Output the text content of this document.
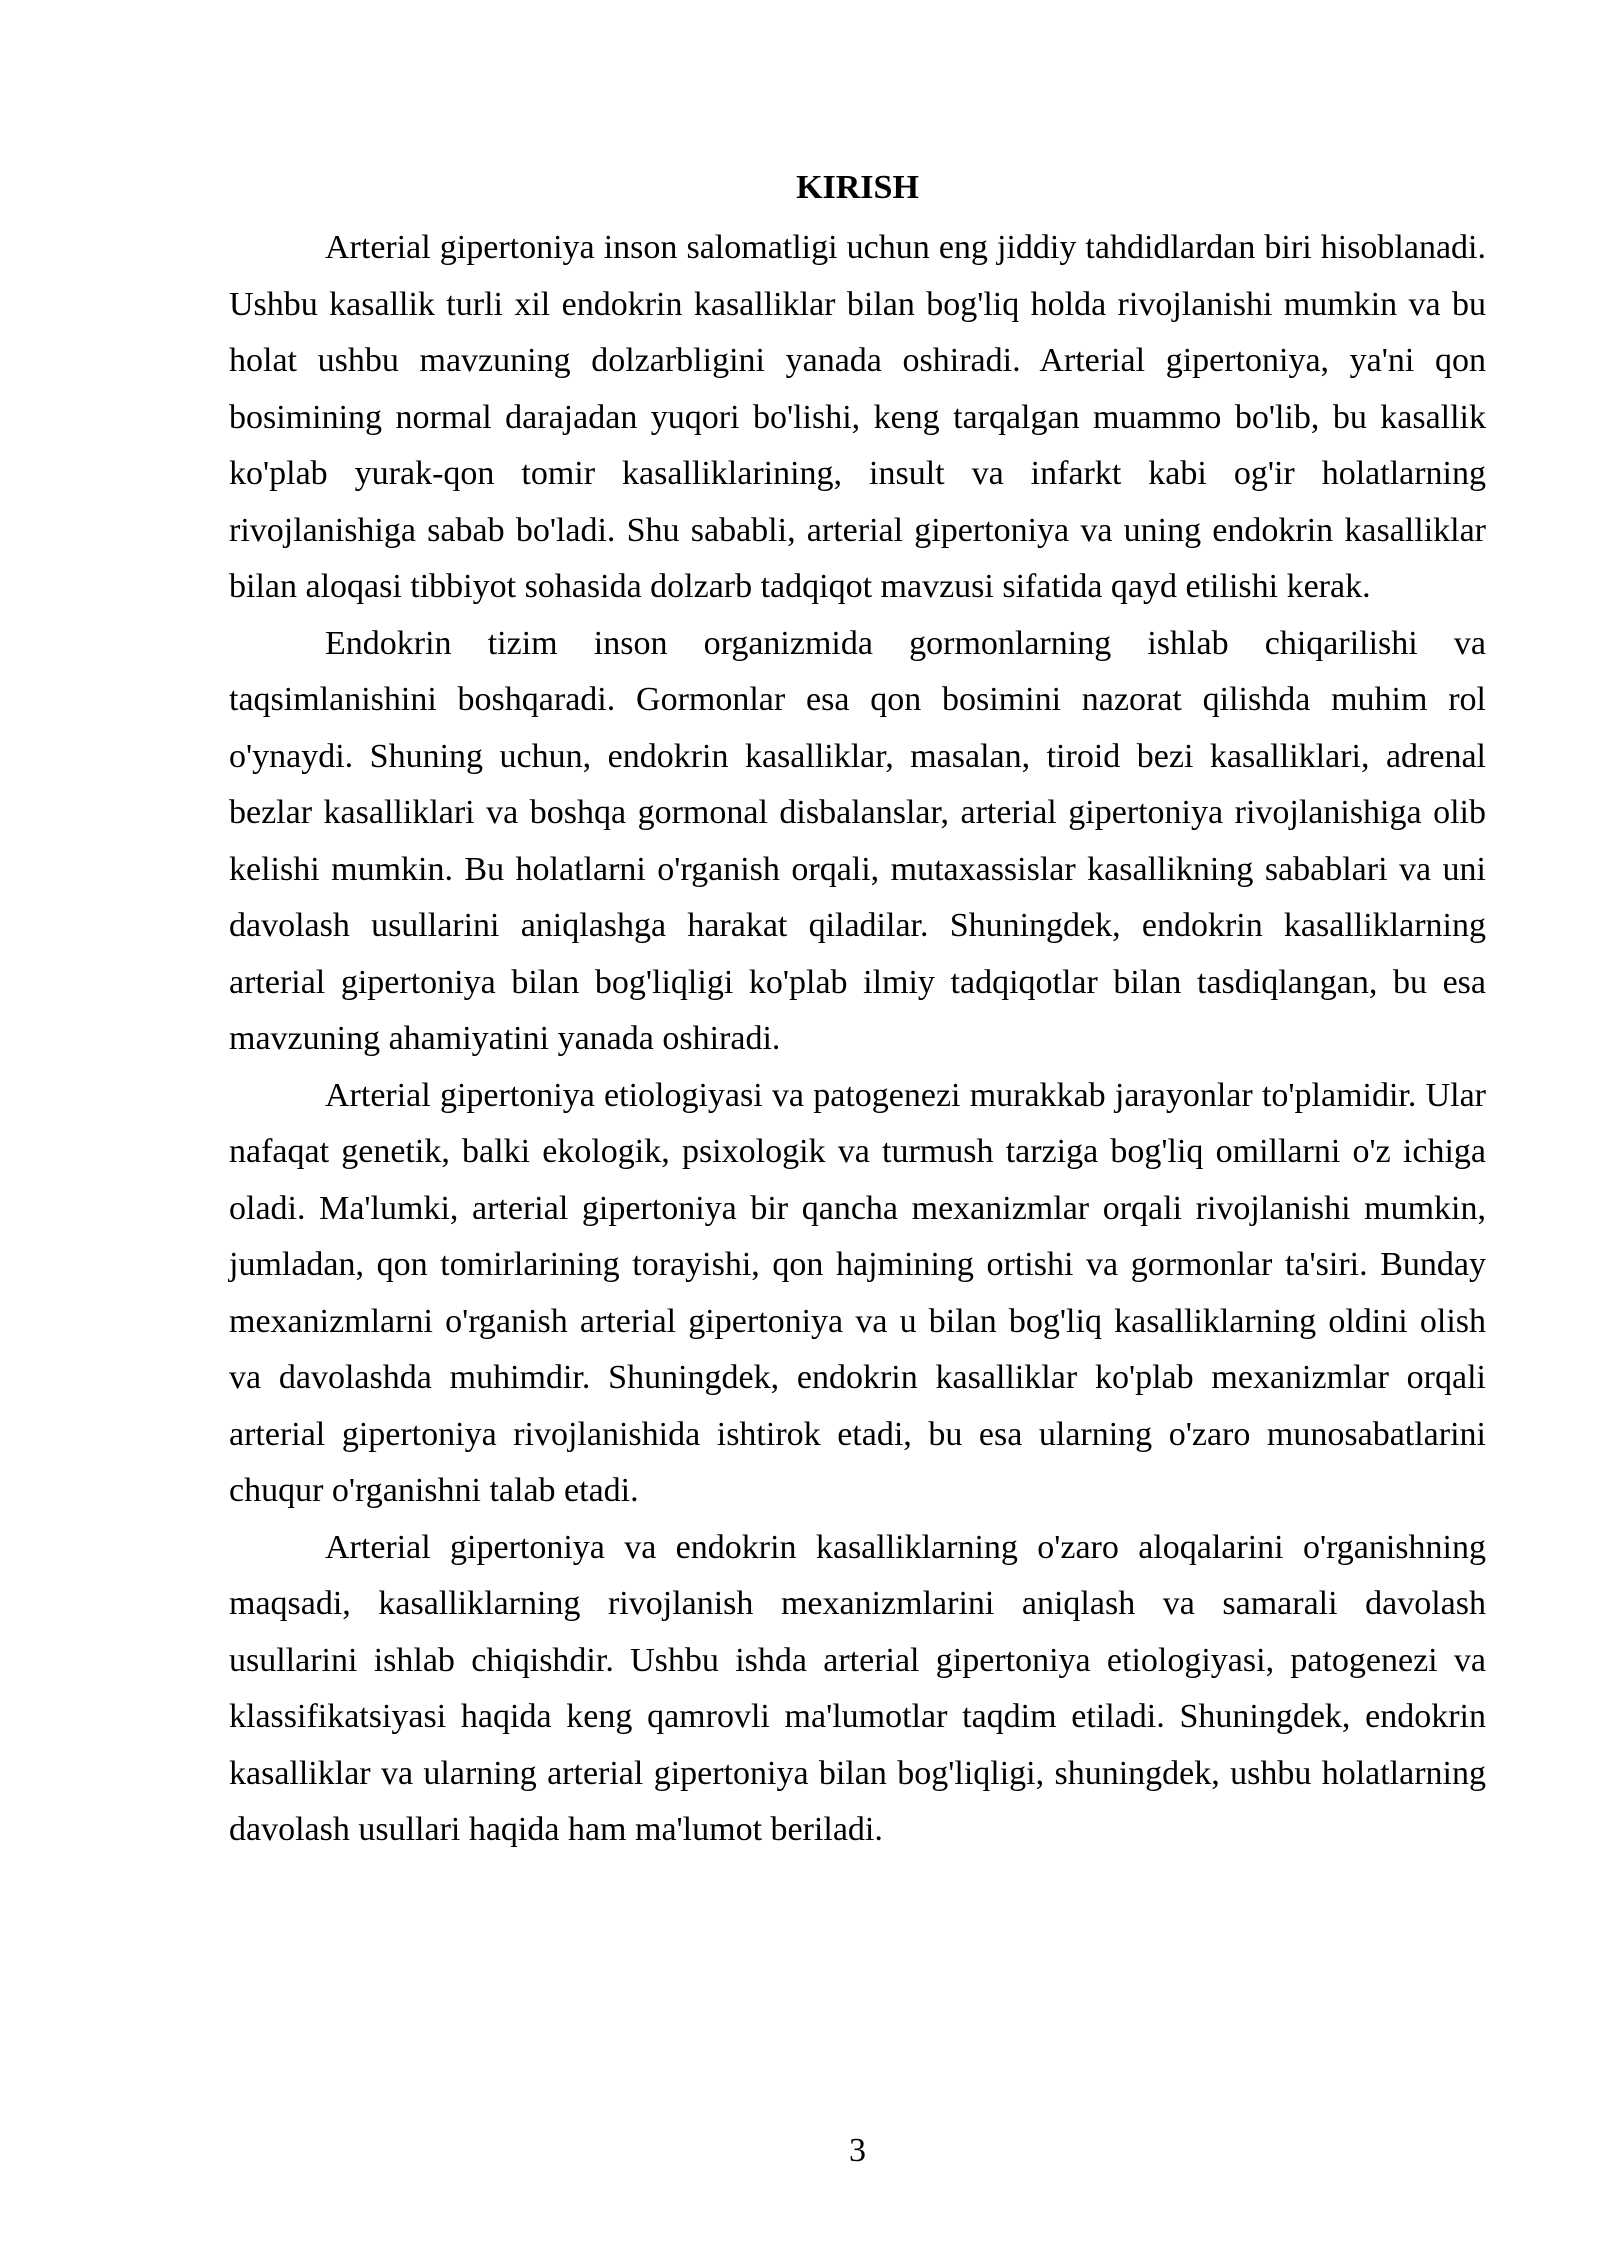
KIRISH

Arterial gipertoniya inson salomatligi uchun eng jiddiy tahdidlardan biri hisoblanadi. Ushbu kasallik turli xil endokrin kasalliklar bilan bog'liq holda rivojlanishi mumkin va bu holat ushbu mavzuning dolzarbligini yanada oshiradi. Arterial gipertoniya, ya'ni qon bosimining normal darajadan yuqori bo'lishi, keng tarqalgan muammo bo'lib, bu kasallik ko'plab yurak-qon tomir kasalliklarining, insult va infarkt kabi og'ir holatlarning rivojlanishiga sabab bo'ladi. Shu sababli, arterial gipertoniya va uning endokrin kasalliklar bilan aloqasi tibbiyot sohasida dolzarb tadqiqot mavzusi sifatida qayd etilishi kerak.

Endokrin tizim inson organizmida gormonlarning ishlab chiqarilishi va taqsimlanishini boshqaradi. Gormonlar esa qon bosimini nazorat qilishda muhim rol o'ynaydi. Shuning uchun, endokrin kasalliklar, masalan, tiroid bezi kasalliklari, adrenal bezlar kasalliklari va boshqa gormonal disbalanslar, arterial gipertoniya rivojlanishiga olib kelishi mumkin. Bu holatlarni o'rganish orqali, mutaxassislar kasallikning sabablari va uni davolash usullarini aniqlashga harakat qiladilar. Shuningdek, endokrin kasalliklarning arterial gipertoniya bilan bog'liqligi ko'plab ilmiy tadqiqotlar bilan tasdiqlangan, bu esa mavzuning ahamiyatini yanada oshiradi.

Arterial gipertoniya etiologiyasi va patogenezi murakkab jarayonlar to'plamidir. Ular nafaqat genetik, balki ekologik, psixologik va turmush tarziga bog'liq omillarni o'z ichiga oladi. Ma'lumki, arterial gipertoniya bir qancha mexanizmlar orqali rivojlanishi mumkin, jumladan, qon tomirlarining torayishi, qon hajmining ortishi va gormonlar ta'siri. Bunday mexanizmlarni o'rganish arterial gipertoniya va u bilan bog'liq kasalliklarning oldini olish va davolashda muhimdir. Shuningdek, endokrin kasalliklar ko'plab mexanizmlar orqali arterial gipertoniya rivojlanishida ishtirok etadi, bu esa ularning o'zaro munosabatlarini chuqur o'rganishni talab etadi.

Arterial gipertoniya va endokrin kasalliklarning o'zaro aloqalarini o'rganishning maqsadi, kasalliklarning rivojlanish mexanizmlarini aniqlash va samarali davolash usullarini ishlab chiqishdir. Ushbu ishda arterial gipertoniya etiologiyasi, patogenezi va klassifikatsiyasi haqida keng qamrovli ma'lumotlar taqdim etiladi. Shuningdek, endokrin kasalliklar va ularning arterial gipertoniya bilan bog'liqligi, shuningdek, ushbu holatlarning davolash usullari haqida ham ma'lumot beriladi.

3
